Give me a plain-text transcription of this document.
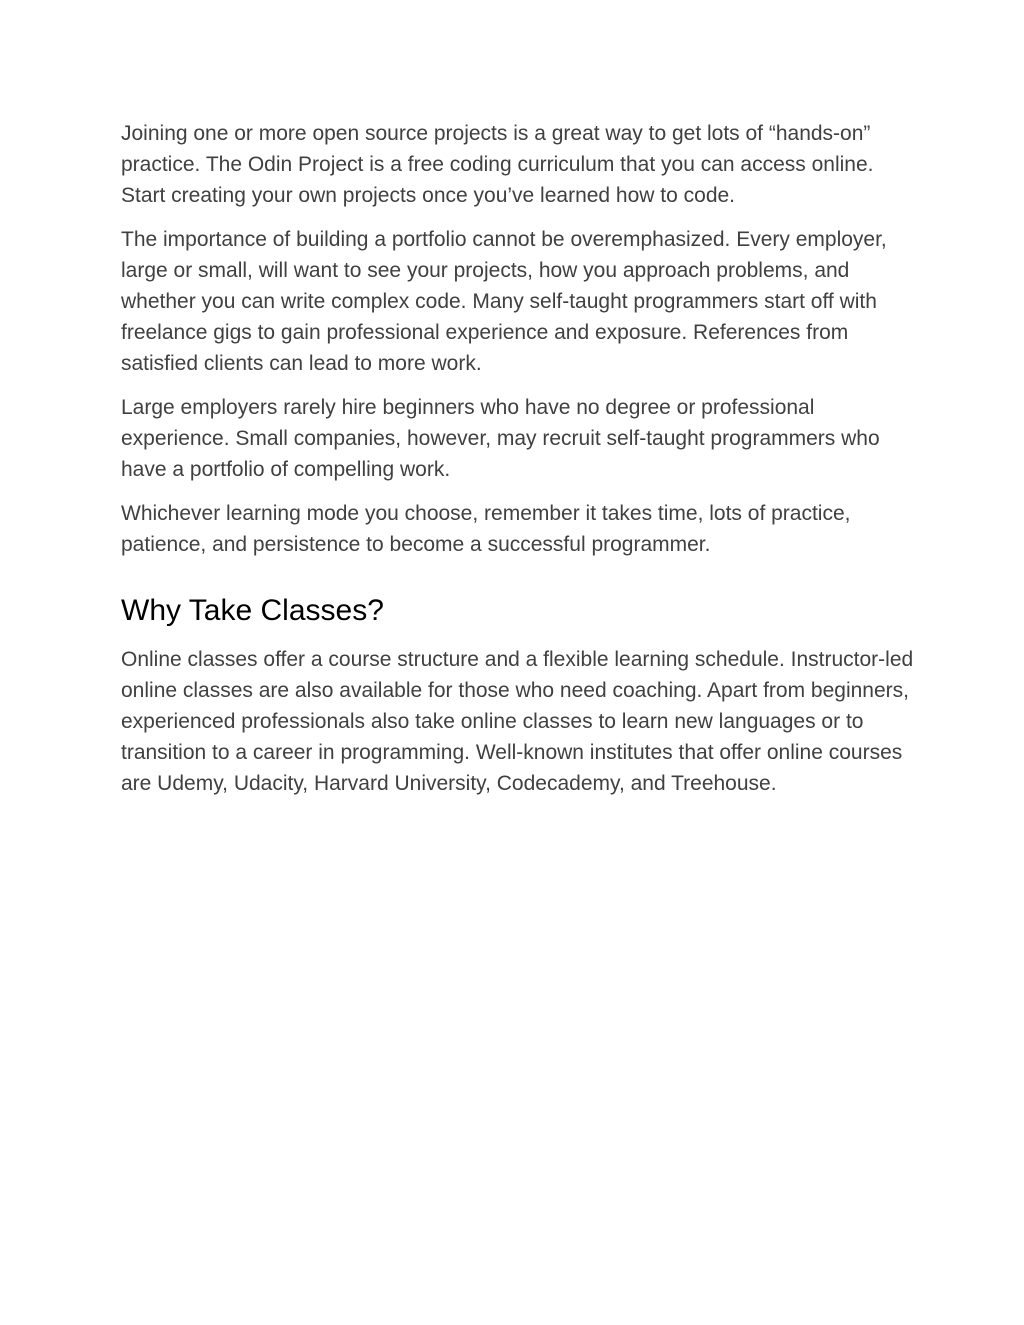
Joining one or more open source projects is a great way to get lots of “hands-on” practice. The Odin Project is a free coding curriculum that you can access online. Start creating your own projects once you’ve learned how to code.

The importance of building a portfolio cannot be overemphasized. Every employer, large or small, will want to see your projects, how you approach problems, and whether you can write complex code. Many self-taught programmers start off with freelance gigs to gain professional experience and exposure. References from satisfied clients can lead to more work.

Large employers rarely hire beginners who have no degree or professional experience. Small companies, however, may recruit self-taught programmers who have a portfolio of compelling work.

Whichever learning mode you choose, remember it takes time, lots of practice, patience, and persistence to become a successful programmer.

Why Take Classes?

Online classes offer a course structure and a flexible learning schedule. Instructor-led online classes are also available for those who need coaching. Apart from beginners, experienced professionals also take online classes to learn new languages or to transition to a career in programming. Well-known institutes that offer online courses are Udemy, Udacity, Harvard University, Codecademy, and Treehouse.
